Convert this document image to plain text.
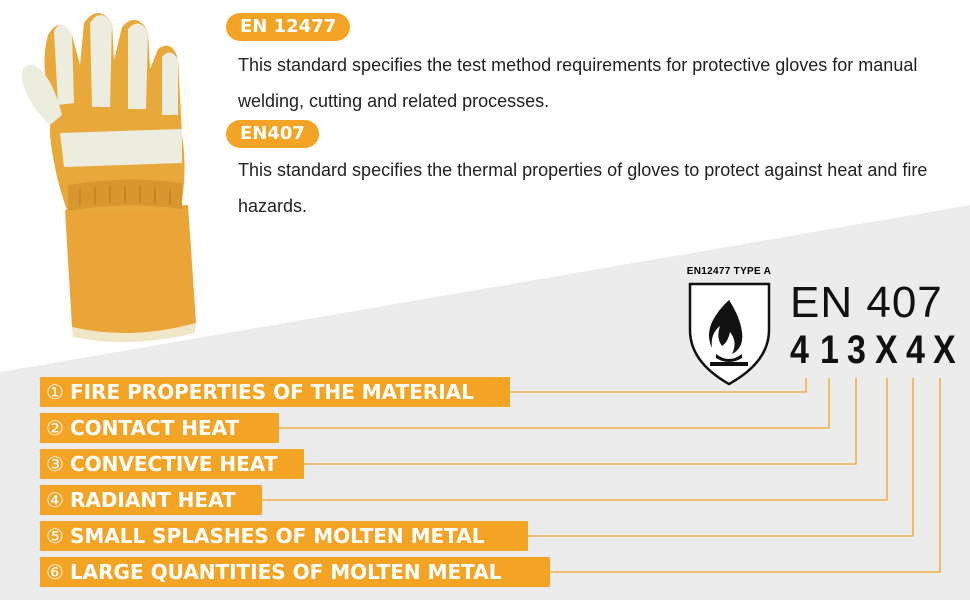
EN 12477
This standard specifies the test method requirements for protective gloves for manual welding, cutting and related processes.
EN407
This standard specifies the thermal properties of gloves to protect against heat and fire hazards.
EN12477 TYPE A
EN 407
4 1 3 X 4 X
① FIRE PROPERTIES OF THE MATERIAL
② CONTACT HEAT
③ CONVECTIVE HEAT
④ RADIANT HEAT
⑤ SMALL SPLASHES OF MOLTEN METAL
⑥ LARGE QUANTITIES OF MOLTEN METAL
